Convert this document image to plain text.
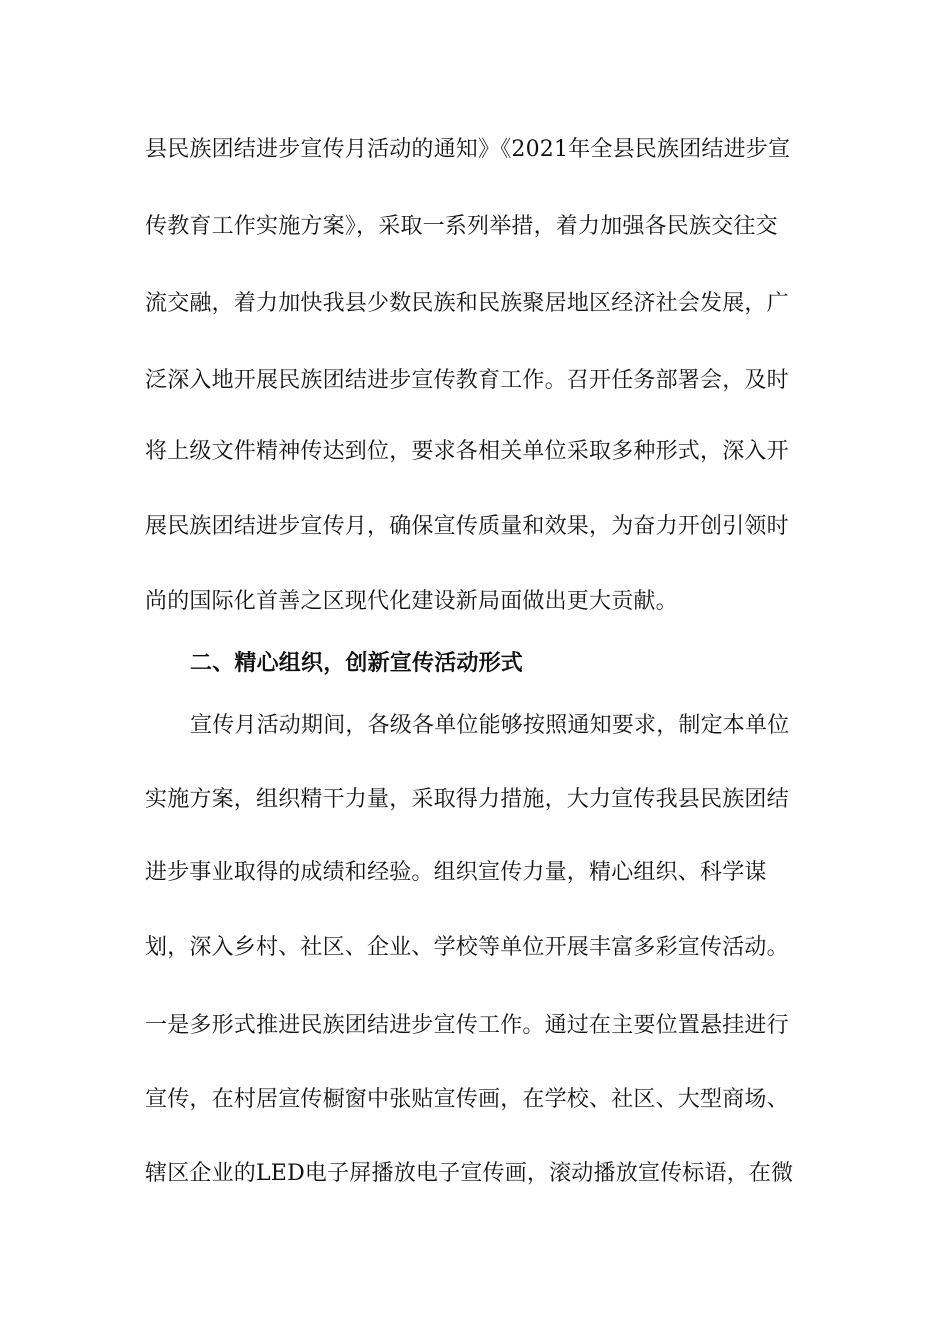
县民族团结进步宣传月活动的通知》《2021年全县民族团结进步宣
传教育工作实施方案》，采取一系列举措，着力加强各民族交往交
流交融，着力加快我县少数民族和民族聚居地区经济社会发展，广
泛深入地开展民族团结进步宣传教育工作。召开任务部署会，及时
将上级文件精神传达到位，要求各相关单位采取多种形式，深入开
展民族团结进步宣传月，确保宣传质量和效果，为奋力开创引领时
尚的国际化首善之区现代化建设新局面做出更大贡献。
二、精心组织，创新宣传活动形式
宣传月活动期间，各级各单位能够按照通知要求，制定本单位
实施方案，组织精干力量，采取得力措施，大力宣传我县民族团结
进步事业取得的成绩和经验。组织宣传力量，精心组织、科学谋
划，深入乡村、社区、企业、学校等单位开展丰富多彩宣传活动。
一是多形式推进民族团结进步宣传工作。通过在主要位置悬挂进行
宣传，在村居宣传橱窗中张贴宣传画，在学校、社区、大型商场、
辖区企业的LED电子屏播放电子宣传画，滚动播放宣传标语，在微
